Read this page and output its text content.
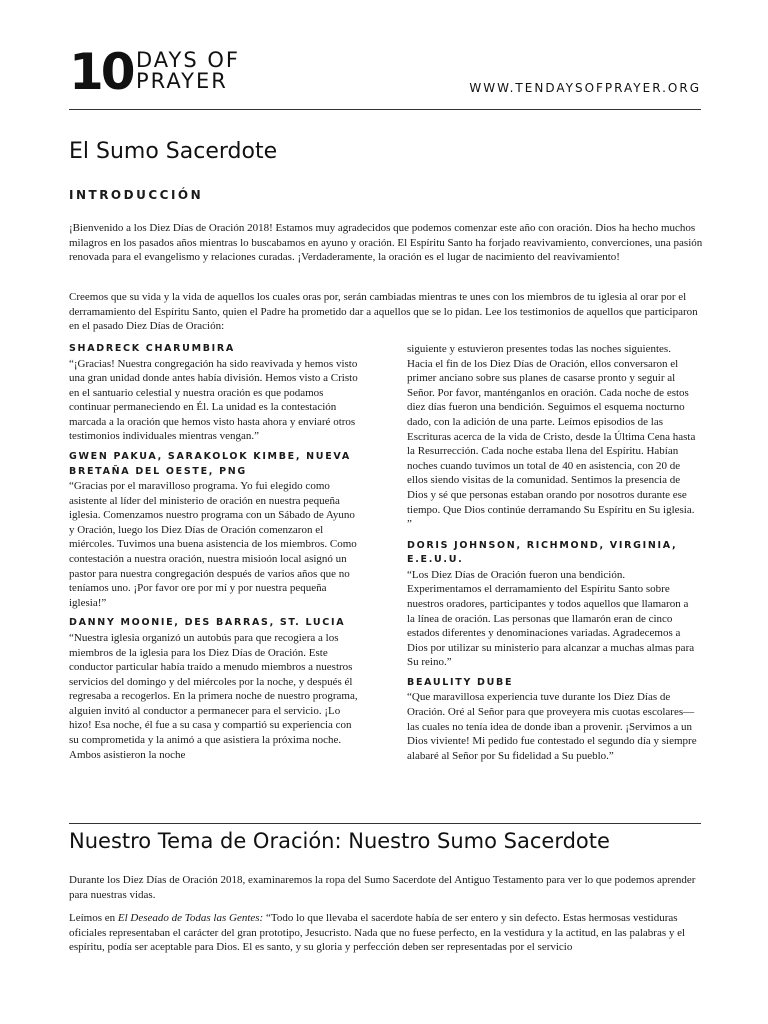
10 DAYS OF
PRAYER	WWW.TENDAYSOFPRAYER.ORG
El Sumo Sacerdote
INTRODUCCIÓN

¡Bienvenido a los Diez Días de Oración 2018! Estamos muy agradecidos que podemos comenzar este año con oración. Dios ha hecho muchos milagros en los pasados años mientras lo buscabamos en ayuno y oración. El Espíritu Santo ha forjado reavivamiento, converciones, una pasión renovada para el evangelismo y relaciones curadas. ¡Verdaderamente, la oración es el lugar de nacimiento del reavivamiento!

Creemos que su vida y la vida de aquellos los cuales oras por, serán cambiadas mientras te unes con los miembros de tu iglesia al orar por el derramamiento del Espíritu Santo, quien el Padre ha prometido dar a aquellos que se lo pidan. Lee los testimonios de aquellos que participaron en el pasado Diez Días de Oración:

SHADRECK CHARUMBIRA

“¡Gracias! Nuestra congregación ha sido reavivada y hemos visto una gran unidad donde antes había división. Hemos visto a Cristo en el santuario celestial y nuestra oración es que podamos continuar permaneciendo en Él. La unidad es la contestación marcada a la oración que hemos visto hasta ahora y enviaré otros testimonios individuales mientras vengan.”

GWEN PAKUA, SARAKOLOK KIMBE, NUEVA BRETAÑA DEL OESTE, PNG

“Gracias por el maravilloso programa. Yo fui elegido como asistente al líder del ministerio de oración en nuestra pequeña iglesia. Comenzamos nuestro programa con un Sábado de Ayuno y Oración, luego los Diez Días de Oración comenzaron el miércoles. Tuvimos una buena asistencia de los miembros. Como contestación a nuestra oración, nuestra misioón local asignó un pastor para nuestra congregación después de varios años que no teníamos uno. ¡Por favor ore por mí y por nuestra pequeña iglesia!”

DANNY MOONIE, DES BARRAS, ST. LUCIA

“Nuestra iglesia organizó un autobús para que recogiera a los miembros de la iglesia para los Diez Días de Oración. Este conductor particular había traído a menudo miembros a nuestros servicios del domingo y del miércoles por la noche, y después él regresaba a recogerlos. En la primera noche de nuestro programa, alguien invitó al conductor a permanecer para el servicio. ¡Lo hizo! Esa noche, él fue a su casa y compartió su experiencia con su comprometida y la animó a que asistiera la próxima noche. Ambos asistieron la noche

siguiente y estuvieron presentes todas las noches siguientes. Hacia el fin de los Diez Días de Oración, ellos conversaron el primer anciano sobre sus planes de casarse pronto y seguir al Señor. Por favor, manténganlos en oración. Cada noche de estos diez días fueron una bendición. Seguimos el esquema nocturno dado, con la adición de una parte. Leímos episodios de las Escrituras acerca de la vida de Cristo, desde la Última Cena hasta la Resurrección. Cada noche estaba llena del Espíritu. Habían noches cuando tuvimos un total de 40 en asistencia, con 20 de ellos siendo visitas de la comunidad. Sentimos la presencia de Dios y sé que personas estaban orando por nosotros durante ese tiempo. Que Dios continúe derramando Su Espíritu en Su iglesia. ”

DORIS JOHNSON, RICHMOND, VIRGINIA, E.E.U.U.

“Los Diez Días de Oración fueron una bendición. Experimentamos el derramamiento del Espíritu Santo sobre nuestros oradores, participantes y todos aquellos que llamaron a la línea de oración. Las personas que llamarón eran de cinco estados diferentes y denominaciones variadas. Agradecemos a Dios por utilizar su ministerio para alcanzar a muchas almas para Su reino.”

BEAULITY DUBE

“Que maravillosa experiencia tuve durante los Diez Días de Oración. Oré al Señor para que proveyera mis cuotas escolares—las cuales no tenía idea de donde iban a provenir. ¡Servimos a un Dios viviente! Mi pedido fue contestado el segundo día y siempre alabaré al Señor por Su fidelidad a Su pueblo.”

Nuestro Tema de Oración: Nuestro Sumo Sacerdote

Durante los Diez Días de Oración 2018, examinaremos la ropa del Sumo Sacerdote del Antiguo Testamento para ver lo que podemos aprender para nuestras vidas.

Leímos en El Deseado de Todas las Gentes: “Todo lo que llevaba el sacerdote había de ser entero y sin defecto. Estas hermosas vestiduras oficiales representaban el carácter del gran prototipo, Jesucristo. Nada que no fuese perfecto, en la vestidura y la actitud, en las palabras y el espíritu, podía ser aceptable para Dios. El es santo, y su gloria y perfección deben ser representadas por el servicio
